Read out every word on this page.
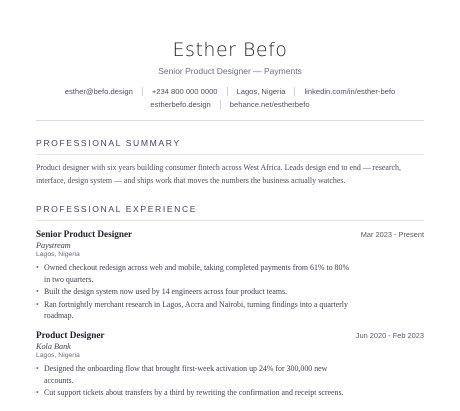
Esther Befo
Senior Product Designer — Payments
esther@befo.design	+234 800 000 0000	Lagos, Nigeria	linkedin.com/in/esther-befo
estherbefo.design	behance.net/estherbefo
PROFESSIONAL SUMMARY
Product designer with six years building consumer fintech across West Africa. Leads design end to end — research, interface, design system — and ships work that moves the numbers the business actually watches.
PROFESSIONAL EXPERIENCE
Senior Product Designer	Mar 2023 - Present
Paystream
Lagos, Nigeria
• Owned checkout redesign across web and mobile, taking completed payments from 61% to 80% in two quarters.
• Built the design system now used by 14 engineers across four product teams.
• Ran fortnightly merchant research in Lagos, Accra and Nairobi, turning findings into a quarterly roadmap.
Product Designer	Jun 2020 - Feb 2023
Kola Bank
Lagos, Nigeria
• Designed the onboarding flow that brought first-week activation up 24% for 300,000 new accounts.
• Cut support tickets about transfers by a third by rewriting the confirmation and receipt screens.
